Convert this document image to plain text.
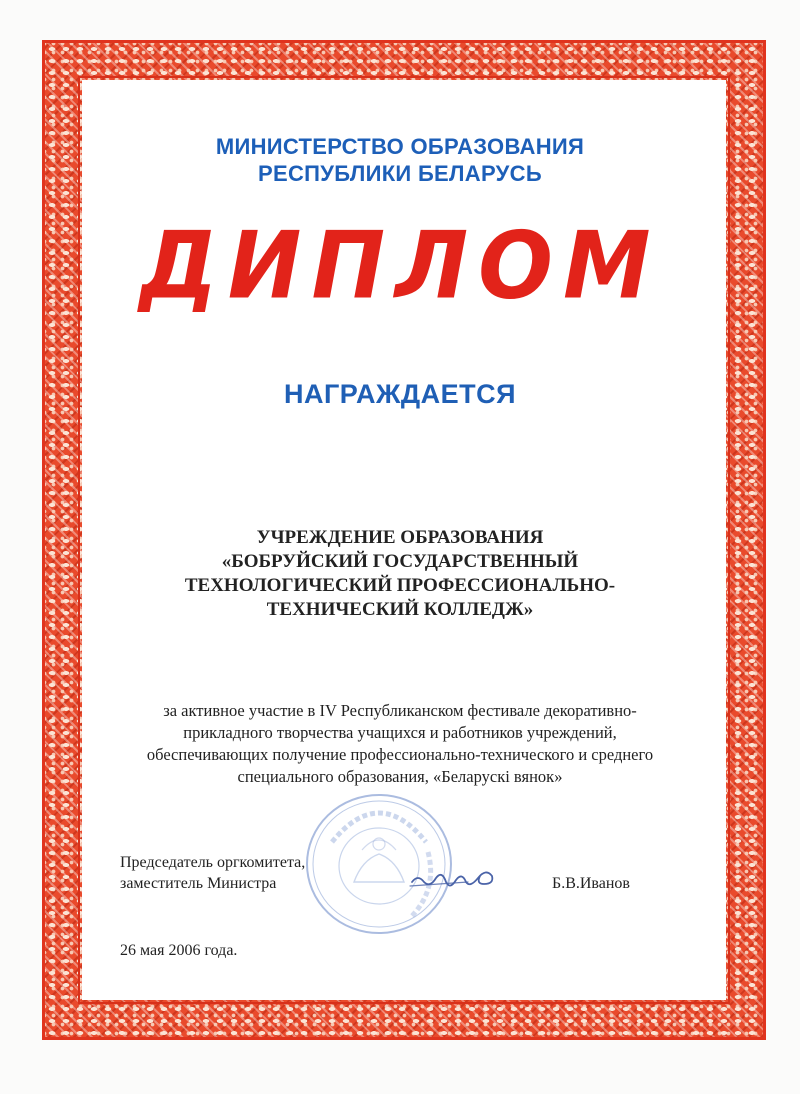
МИНИСТЕРСТВО ОБРАЗОВАНИЯ
РЕСПУБЛИКИ БЕЛАРУСЬ
ДИПЛОМ
НАГРАЖДАЕТСЯ
УЧРЕЖДЕНИЕ ОБРАЗОВАНИЯ
«БОБРУЙСКИЙ ГОСУДАРСТВЕННЫЙ
ТЕХНОЛОГИЧЕСКИЙ ПРОФЕССИОНАЛЬНО-
ТЕХНИЧЕСКИЙ КОЛЛЕДЖ»
за активное участие в IV Республиканском фестивале декоративно-
прикладного творчества учащихся и работников учреждений,
обеспечивающих получение профессионально-технического и среднего
специального образования, «Беларускі вянок»
Председатель оргкомитета,
заместитель Министра	Б.В.Иванов
26 мая 2006 года.
